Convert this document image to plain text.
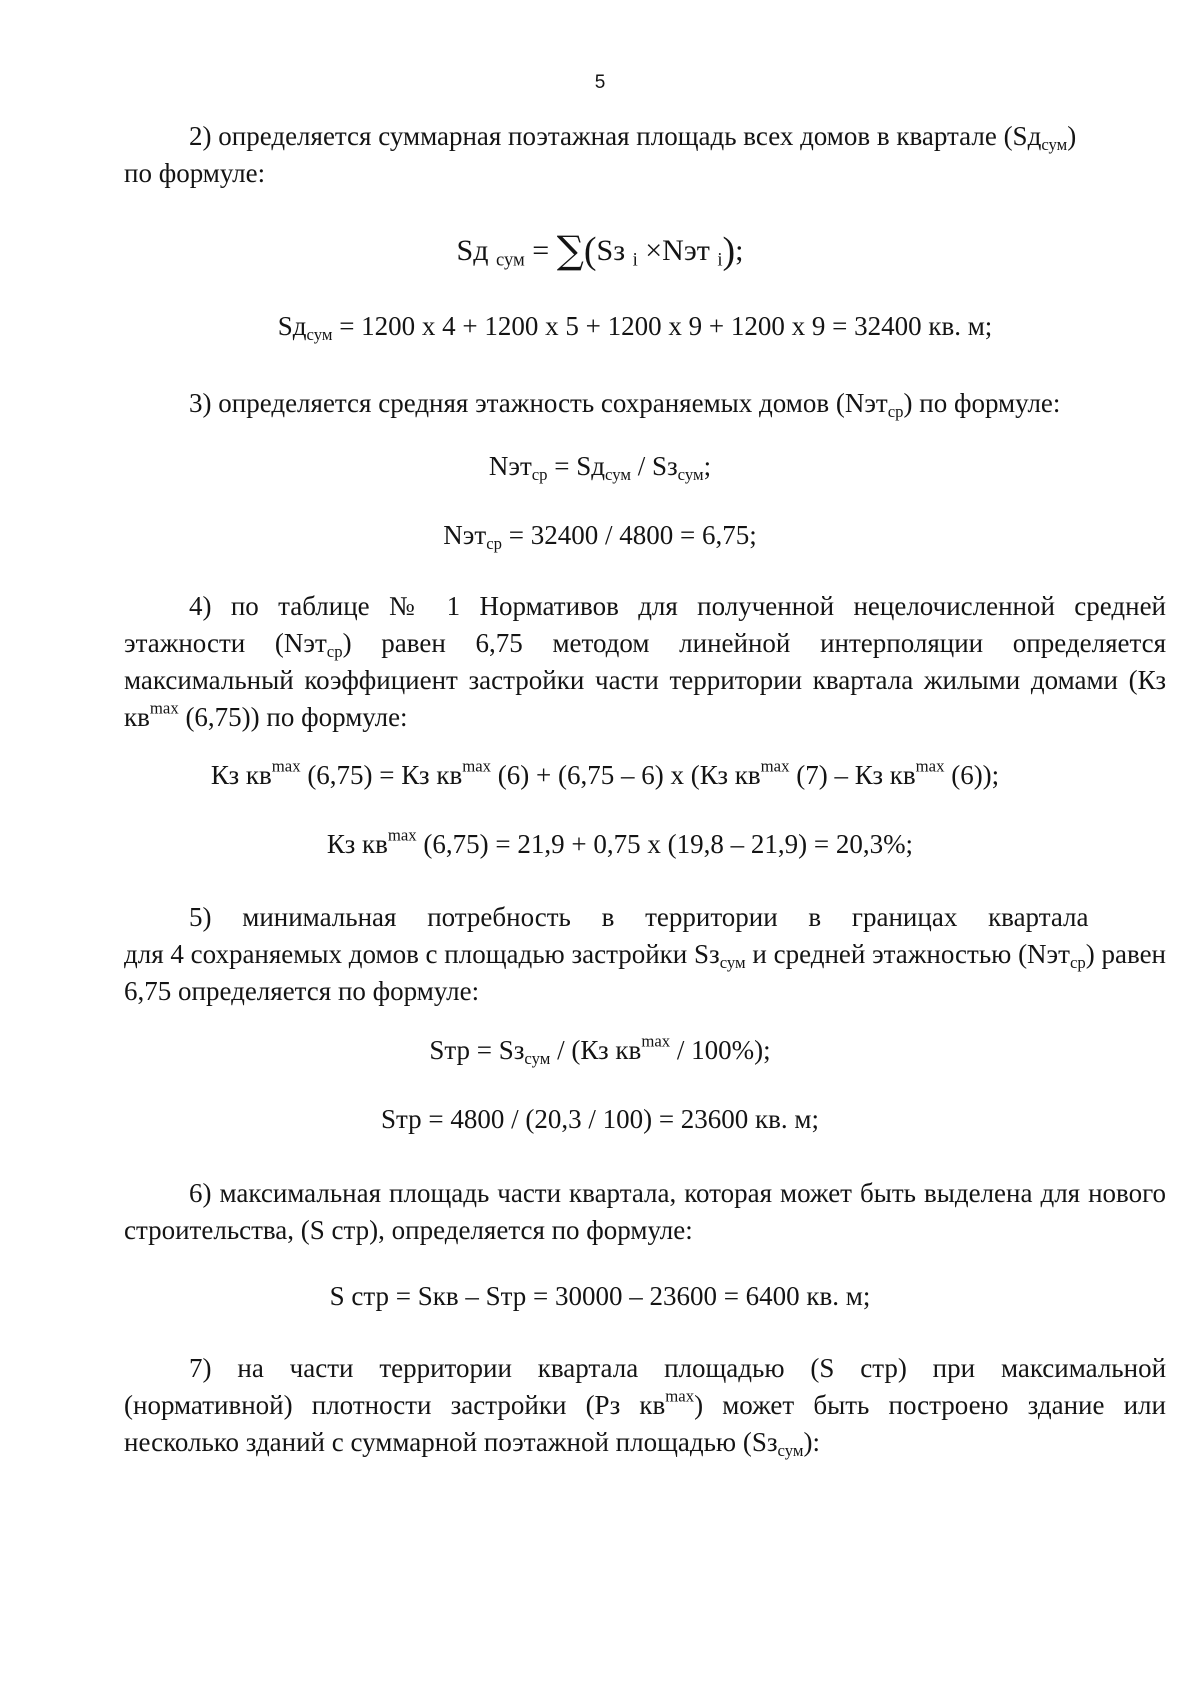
5
2) определяется суммарная поэтажная площадь всех домов в квартале $(Sд_{сум})$
по формуле:
Sд $_{сум}$ = ∑(Sз $_i$ ×Nэт $_i$);
$Sд_{сум} = 1200$ х 4 + 1200 х 5 + 1200 х 9 + 1200 х 9 = 32400 кв. м;
3) определяется средняя этажность сохраняемых домов (Nэт$_{ср}$) по формуле:
$Nэт_{ср} = Sд_{сум} / Sз_{сум}$;
Nэт$_{ср}$ = 32400 / 4800 = 6,75;
4) по таблице № 1 Нормативов для полученной нецелочисленной средней этажности (Nэт$_{ср}$) равен 6,75 методом линейной интерполяции определяется максимальный коэффициент застройки части территории квартала жилыми домами (Кз $кв^{max}$ (6,75)) по формуле:
Кз $кв^{max}$ (6,75) = Кз $кв^{max}$ (6) + (6,75 – 6) х (Кз $кв^{max}$ (7) – Кз $кв^{max}$ (6));
Кз $кв^{max}$ (6,75) = 21,9 + 0,75 х (19,8 – 21,9) = 20,3%;
5) минимальная потребность в территории в границах квартала
для 4 сохраняемых домов с площадью застройки $Sз_{сум}$ и средней этажностью (Nэт$_{ср}$) равен 6,75 определяется по формуле:
Sтр = $Sз_{сум} / (Кз$ $кв^{max} / 100\%$);
Sтр = 4800 / (20,3 / 100) = 23600 кв. м;
6) максимальная площадь части квартала, которая может быть выделена для нового строительства, (S стр), определяется по формуле:
S стр = Sкв – Sтр = 30000 – 23600 = 6400 кв. м;
7) на части территории квартала площадью (S стр) при максимальной (нормативной) плотности застройки (Pз $кв^{max}$) может быть построено здание или несколько зданий с суммарной поэтажной площадью $(Sз_{сум})$:
